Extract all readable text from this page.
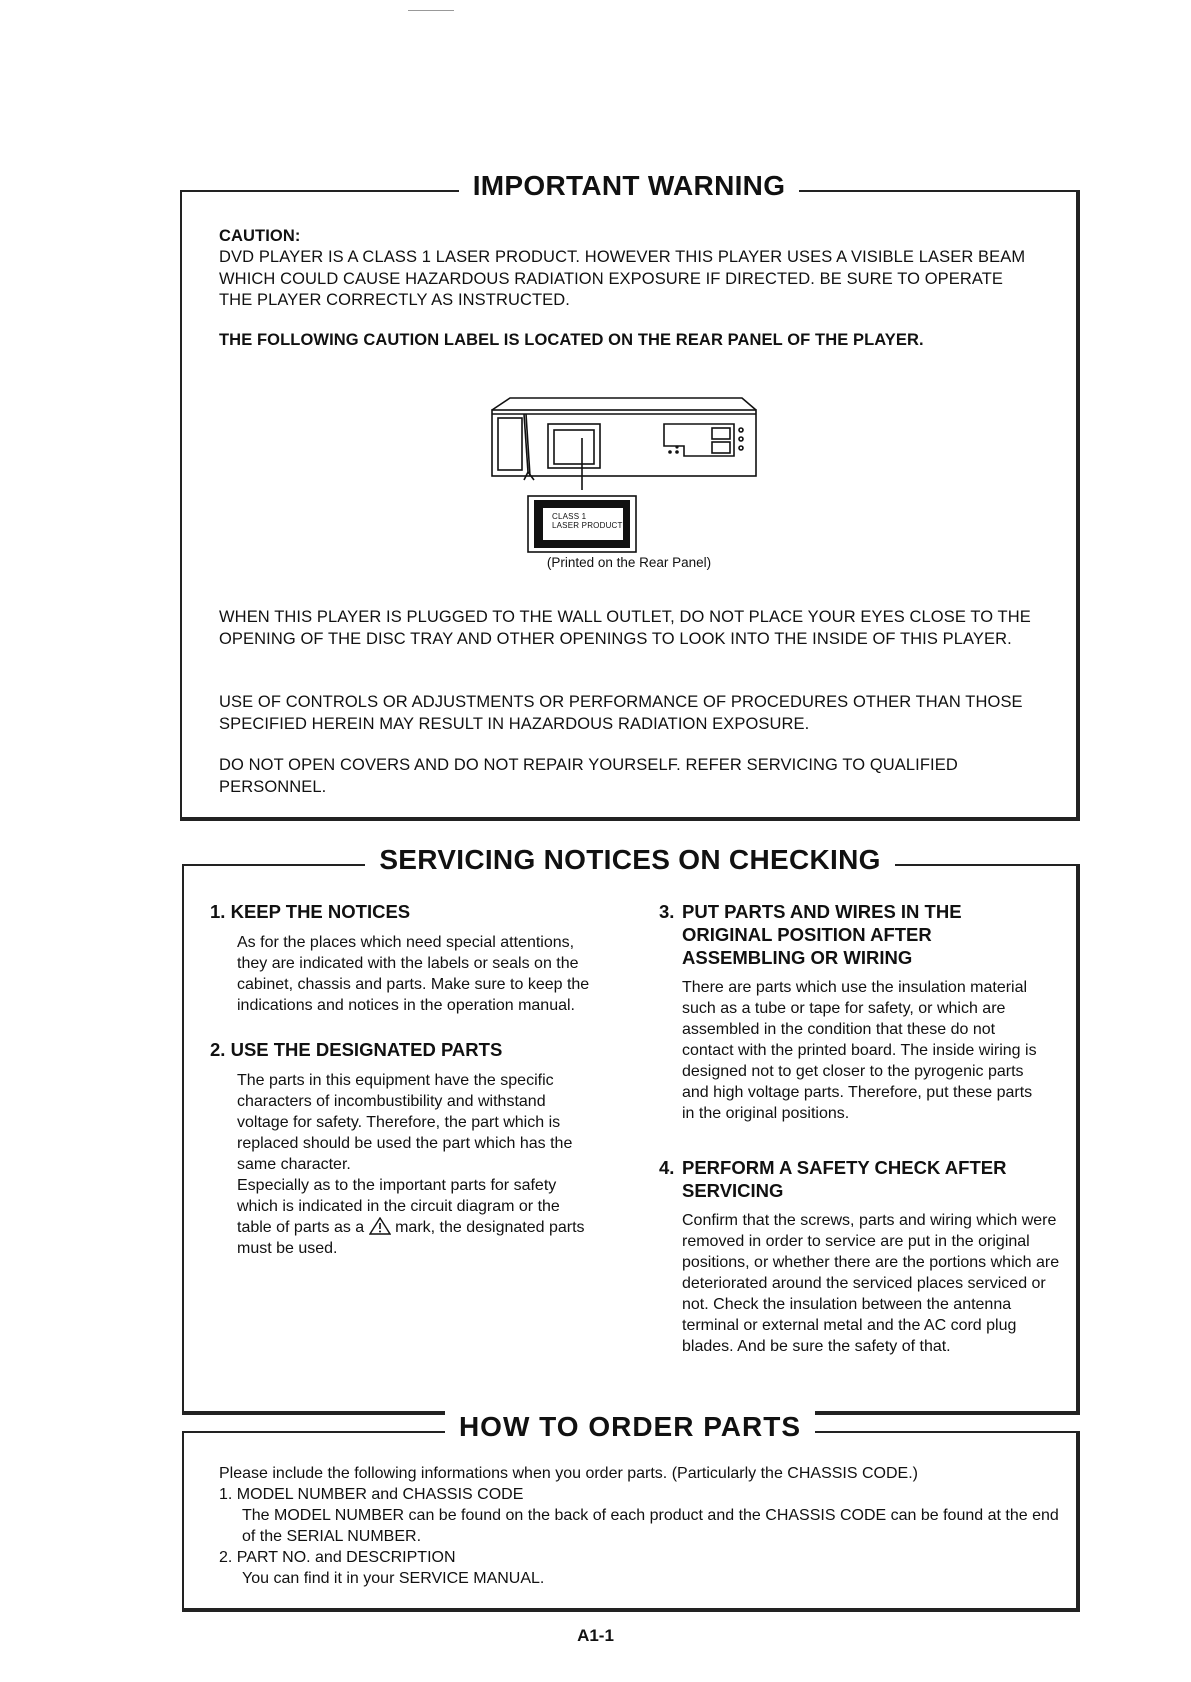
IMPORTANT WARNING

CAUTION:

DVD PLAYER IS A CLASS 1 LASER PRODUCT. HOWEVER THIS PLAYER USES A VISIBLE LASER BEAM WHICH COULD CAUSE HAZARDOUS RADIATION EXPOSURE IF DIRECTED. BE SURE TO OPERATE THE PLAYER CORRECTLY AS INSTRUCTED.

THE FOLLOWING CAUTION LABEL IS LOCATED ON THE REAR PANEL OF THE PLAYER.

CLASS 1
LASER PRODUCT

(Printed on the Rear Panel)

WHEN THIS PLAYER IS PLUGGED TO THE WALL OUTLET, DO NOT PLACE YOUR EYES CLOSE TO THE OPENING OF THE DISC TRAY AND OTHER OPENINGS TO LOOK INTO THE INSIDE OF THIS PLAYER.

USE OF CONTROLS OR ADJUSTMENTS OR PERFORMANCE OF PROCEDURES OTHER THAN THOSE SPECIFIED HEREIN MAY RESULT IN HAZARDOUS RADIATION EXPOSURE.

DO NOT OPEN COVERS AND DO NOT REPAIR YOURSELF. REFER SERVICING TO QUALIFIED PERSONNEL.

SERVICING NOTICES ON CHECKING

1. KEEP THE NOTICES

As for the places which need special attentions, they are indicated with the labels or seals on the cabinet, chassis and parts. Make sure to keep the indications and notices in the operation manual.

2. USE THE DESIGNATED PARTS

The parts in this equipment have the specific characters of incombustibility and withstand voltage for safety. Therefore, the part which is replaced should be used the part which has the same character.

Especially as to the important parts for safety which is indicated in the circuit diagram or the table of parts as a mark, the designated parts must be used.

3. PUT PARTS AND WIRES IN THE ORIGINAL POSITION AFTER ASSEMBLING OR WIRING

There are parts which use the insulation material such as a tube or tape for safety, or which are assembled in the condition that these do not contact with the printed board. The inside wiring is designed not to get closer to the pyrogenic parts and high voltage parts. Therefore, put these parts in the original positions.

4. PERFORM A SAFETY CHECK AFTER SERVICING

Confirm that the screws, parts and wiring which were removed in order to service are put in the original positions, or whether there are the portions which are deteriorated around the serviced places serviced or not. Check the insulation between the antenna terminal or external metal and the AC cord plug blades. And be sure the safety of that.

HOW TO ORDER PARTS
Please include the following informations when you order parts. (Particularly the CHASSIS CODE.)
1. MODEL NUMBER and CHASSIS CODE
The MODEL NUMBER can be found on the back of each product and the CHASSIS CODE can be found at the end of the SERIAL NUMBER.
2. PART NO. and DESCRIPTION
You can find it in your SERVICE MANUAL.
A1-1
